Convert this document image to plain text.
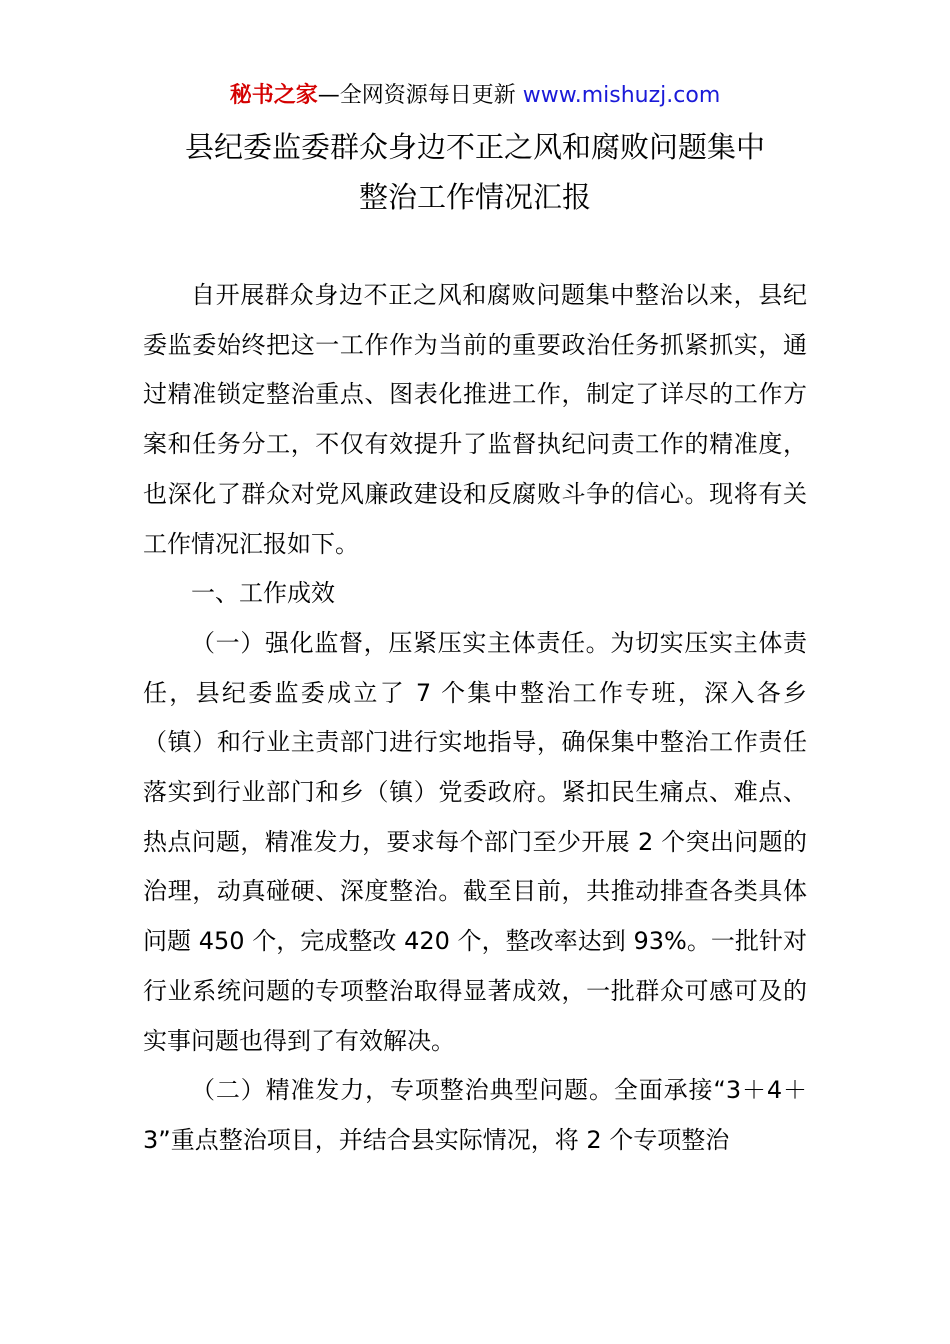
秘书之家—全网资源每日更新 www.mishuzj.com
县纪委监委群众身边不正之风和腐败问题集中
整治工作情况汇报

自开展群众身边不正之风和腐败问题集中整治以来，县纪委监委始终把这一工作作为当前的重要政治任务抓紧抓实，通过精准锁定整治重点、图表化推进工作，制定了详尽的工作方案和任务分工，不仅有效提升了监督执纪问责工作的精准度，也深化了群众对党风廉政建设和反腐败斗争的信心。现将有关工作情况汇报如下。

一、工作成效

（一）强化监督，压紧压实主体责任。为切实压实主体责任，县纪委监委成立了 7 个集中整治工作专班，深入各乡（镇）和行业主责部门进行实地指导，确保集中整治工作责任落实到行业部门和乡（镇）党委政府。紧扣民生痛点、难点、热点问题，精准发力，要求每个部门至少开展 2 个突出问题的治理，动真碰硬、深度整治。截至目前，共推动排查各类具体问题 450 个，完成整改 420 个，整改率达到 93%。一批针对行业系统问题的专项整治取得显著成效，一批群众可感可及的实事问题也得到了有效解决。

（二）精准发力，专项整治典型问题。全面承接“3＋4＋3”重点整治项目，并结合县实际情况，将 2 个专项整治
